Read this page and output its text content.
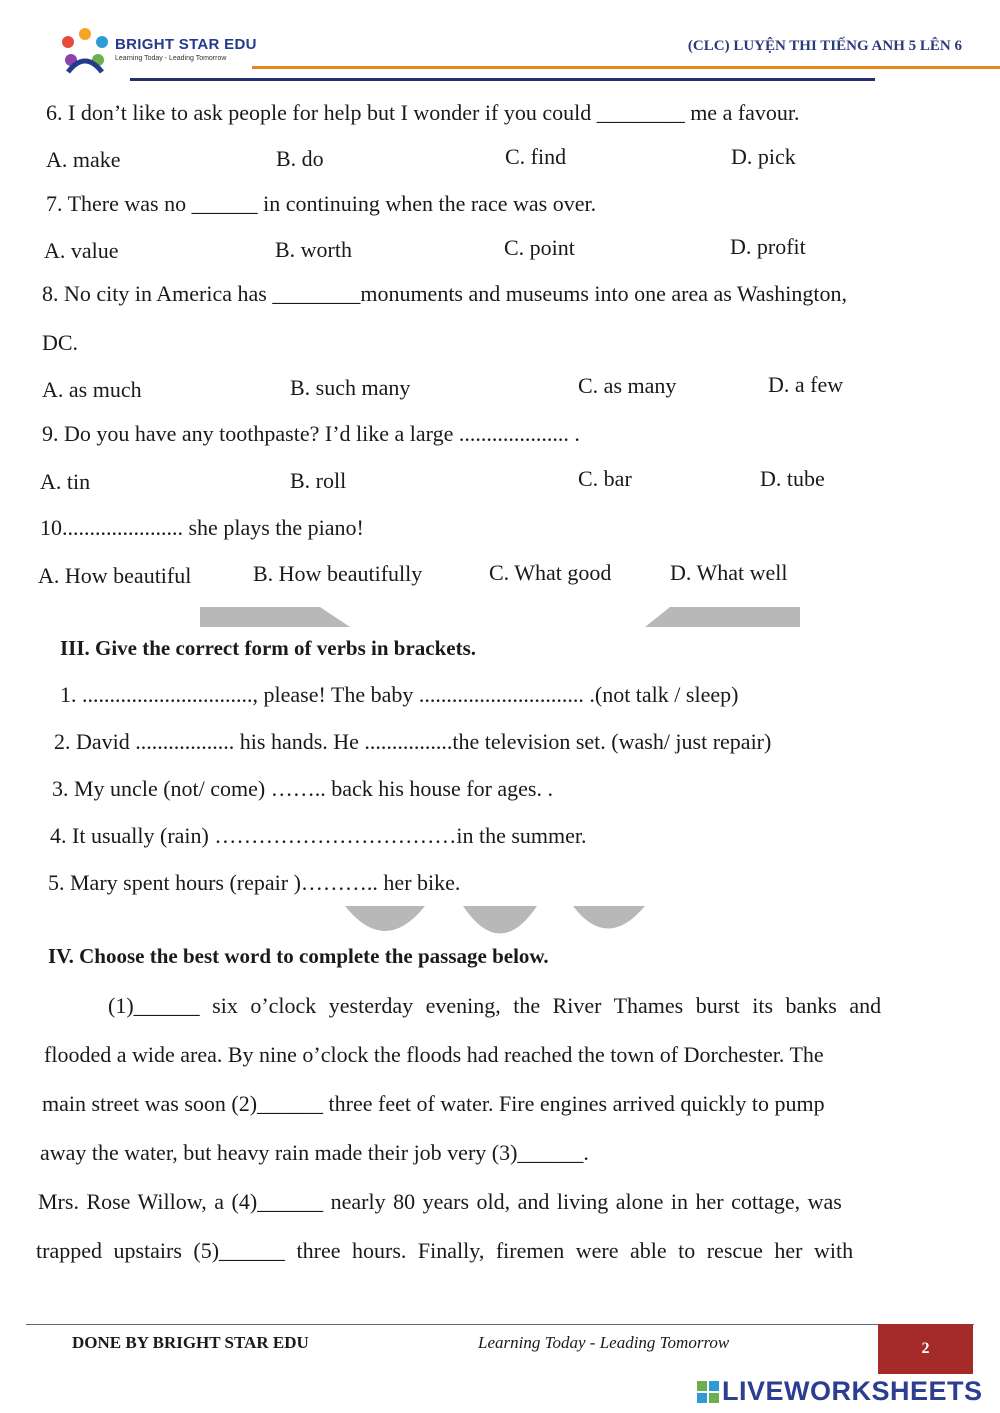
BRIGHT STAR EDU
Learning Today - Leading Tomorrow
(CLC) LUYỆN THI TIẾNG ANH 5 LÊN 6
6. I don’t like to ask people for help but I wonder if you could ________ me a favour.
A. make	B. do	C. find	D. pick
7. There was no ______ in continuing when the race was over.
A. value	B. worth	C. point	D. profit
8. No city in America has ________monuments and museums into one area as Washington,
DC.
A. as much	B. such many	C. as many	D. a few
9. Do you have any toothpaste? I’d like a large .................... .
A. tin	B. roll	C. bar	D. tube
10...................... she plays the piano!
A. How beautiful	B. How beautifully	C. What good	D. What well
III. Give the correct form of verbs in brackets.
1. ..............................., please! The baby .............................. .(not talk / sleep)
2. David .................. his hands. He ................the television set. (wash/ just repair)
3. My uncle (not/ come) …….. back his house for ages. .
4. It usually (rain) ……………………………in the summer.
5. Mary spent hours (repair )……….. her bike.
IV. Choose the best word to complete the passage below.
(1)______ six o’clock yesterday evening, the River Thames burst its banks and
flooded a wide area. By nine o’clock the floods had reached the town of Dorchester. The
main street was soon (2)______ three feet of water. Fire engines arrived quickly to pump
away the water, but heavy rain made their job very (3)______.
Mrs. Rose Willow, a (4)______ nearly 80 years old, and living alone in her cottage, was
trapped upstairs (5)______ three hours. Finally, firemen were able to rescue her with
DONE BY BRIGHT STAR EDU	Learning Today - Leading Tomorrow	2
LIVEWORKSHEETS
